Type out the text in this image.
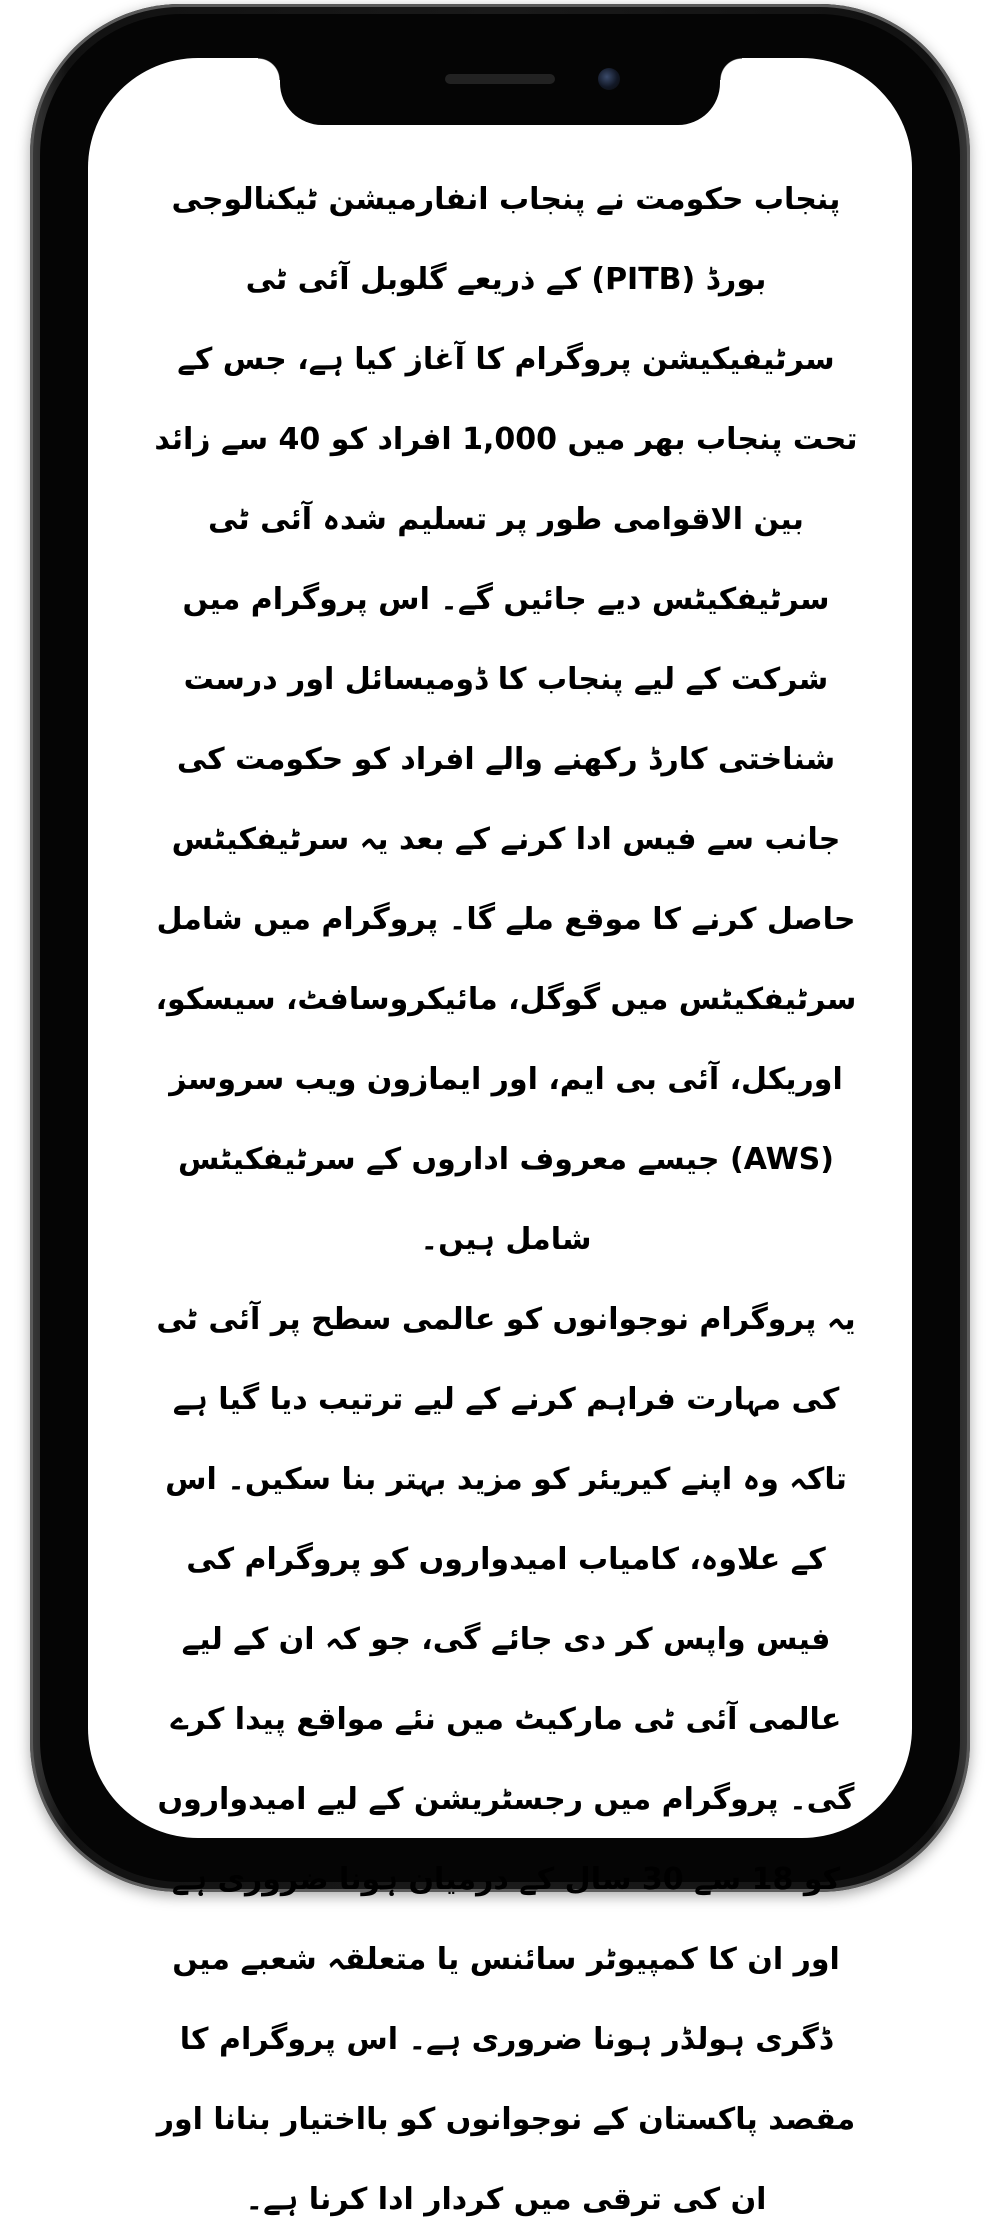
پنجاب حکومت نے پنجاب انفارمیشن ٹیکنالوجی بورڈ (PITB) کے ذریعے گلوبل آئی ٹی سرٹیفیکیشن پروگرام کا آغاز کیا ہے، جس کے تحت پنجاب بھر میں 1,000 افراد کو 40 سے زائد بین الاقوامی طور پر تسلیم شدہ آئی ٹی سرٹیفکیٹس دیے جائیں گے۔ اس پروگرام میں شرکت کے لیے پنجاب کا ڈومیسائل اور درست شناختی کارڈ رکھنے والے افراد کو حکومت کی جانب سے فیس ادا کرنے کے بعد یہ سرٹیفکیٹس حاصل کرنے کا موقع ملے گا۔ پروگرام میں شامل سرٹیفکیٹس میں گوگل، مائیکروسافٹ، سیسکو، اوریکل، آئی بی ایم، اور ایمازون ویب سروسز (AWS) جیسے معروف اداروں کے سرٹیفکیٹس شامل ہیں۔

یہ پروگرام نوجوانوں کو عالمی سطح پر آئی ٹی کی مہارت فراہم کرنے کے لیے ترتیب دیا گیا ہے تاکہ وہ اپنے کیریئر کو مزید بہتر بنا سکیں۔ اس کے علاوہ، کامیاب امیدواروں کو پروگرام کی فیس واپس کر دی جائے گی، جو کہ ان کے لیے عالمی آئی ٹی مارکیٹ میں نئے مواقع پیدا کرے گی۔ پروگرام میں رجسٹریشن کے لیے امیدواروں کو 18 سے 30 سال کے درمیان ہونا ضروری ہے اور ان کا کمپیوٹر سائنس یا متعلقہ شعبے میں ڈگری ہولڈر ہونا ضروری ہے۔ اس پروگرام کا مقصد پاکستان کے نوجوانوں کو بااختیار بنانا اور ان کی ترقی میں کردار ادا کرنا ہے۔
